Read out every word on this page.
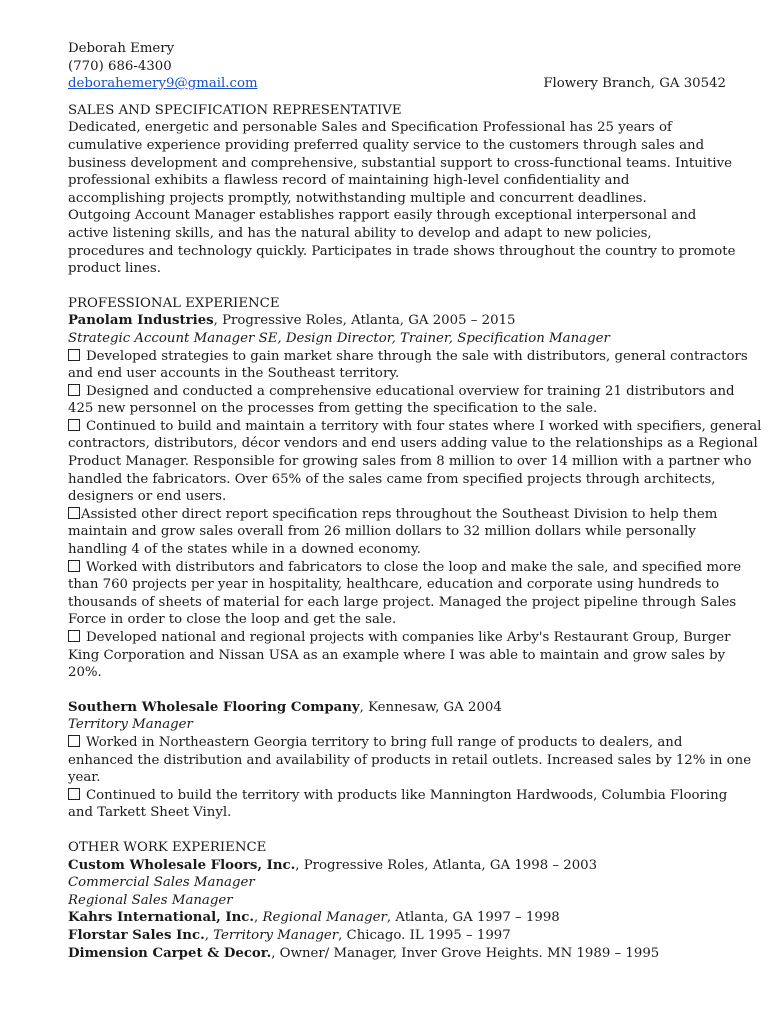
Deborah Emery
(770) 686-4300
deborahemery9@gmail.com	Flowery Branch, GA 30542
SALES AND SPECIFICATION REPRESENTATIVE
Dedicated, energetic and personable Sales and Specification Professional has 25 years of
cumulative experience providing preferred quality service to the customers through sales and
business development and comprehensive, substantial support to cross-functional teams. Intuitive
professional exhibits a flawless record of maintaining high-level confidentiality and
accomplishing projects promptly, notwithstanding multiple and concurrent deadlines.
Outgoing Account Manager establishes rapport easily through exceptional interpersonal and
active listening skills, and has the natural ability to develop and adapt to new policies,
procedures and technology quickly. Participates in trade shows throughout the country to promote
product lines.
PROFESSIONAL EXPERIENCE
Panolam Industries, Progressive Roles, Atlanta, GA 2005 – 2015
Strategic Account Manager SE, Design Director, Trainer, Specification Manager
Developed strategies to gain market share through the sale with distributors, general contractors
and end user accounts in the Southeast territory.
Designed and conducted a comprehensive educational overview for training 21 distributors and
425 new personnel on the processes from getting the specification to the sale.
Continued to build and maintain a territory with four states where I worked with specifiers, general
contractors, distributors, décor vendors and end users adding value to the relationships as a Regional
Product Manager. Responsible for growing sales from 8 million to over 14 million with a partner who
handled the fabricators. Over 65% of the sales came from specified projects through architects,
designers or end users.
Assisted other direct report specification reps throughout the Southeast Division to help them
maintain and grow sales overall from 26 million dollars to 32 million dollars while personally
handling 4 of the states while in a downed economy.
Worked with distributors and fabricators to close the loop and make the sale, and specified more
than 760 projects per year in hospitality, healthcare, education and corporate using hundreds to
thousands of sheets of material for each large project. Managed the project pipeline through Sales
Force in order to close the loop and get the sale.
Developed national and regional projects with companies like Arby's Restaurant Group, Burger
King Corporation and Nissan USA as an example where I was able to maintain and grow sales by
20%.
Southern Wholesale Flooring Company, Kennesaw, GA 2004
Territory Manager
Worked in Northeastern Georgia territory to bring full range of products to dealers, and
enhanced the distribution and availability of products in retail outlets. Increased sales by 12% in one
year.
Continued to build the territory with products like Mannington Hardwoods, Columbia Flooring
and Tarkett Sheet Vinyl.
OTHER WORK EXPERIENCE
Custom Wholesale Floors, Inc., Progressive Roles, Atlanta, GA 1998 – 2003
Commercial Sales Manager
Regional Sales Manager
Kahrs International, Inc., Regional Manager, Atlanta, GA 1997 – 1998
Florstar Sales Inc., Territory Manager, Chicago. IL 1995 – 1997
Dimension Carpet & Decor., Owner/ Manager, Inver Grove Heights. MN 1989 – 1995
